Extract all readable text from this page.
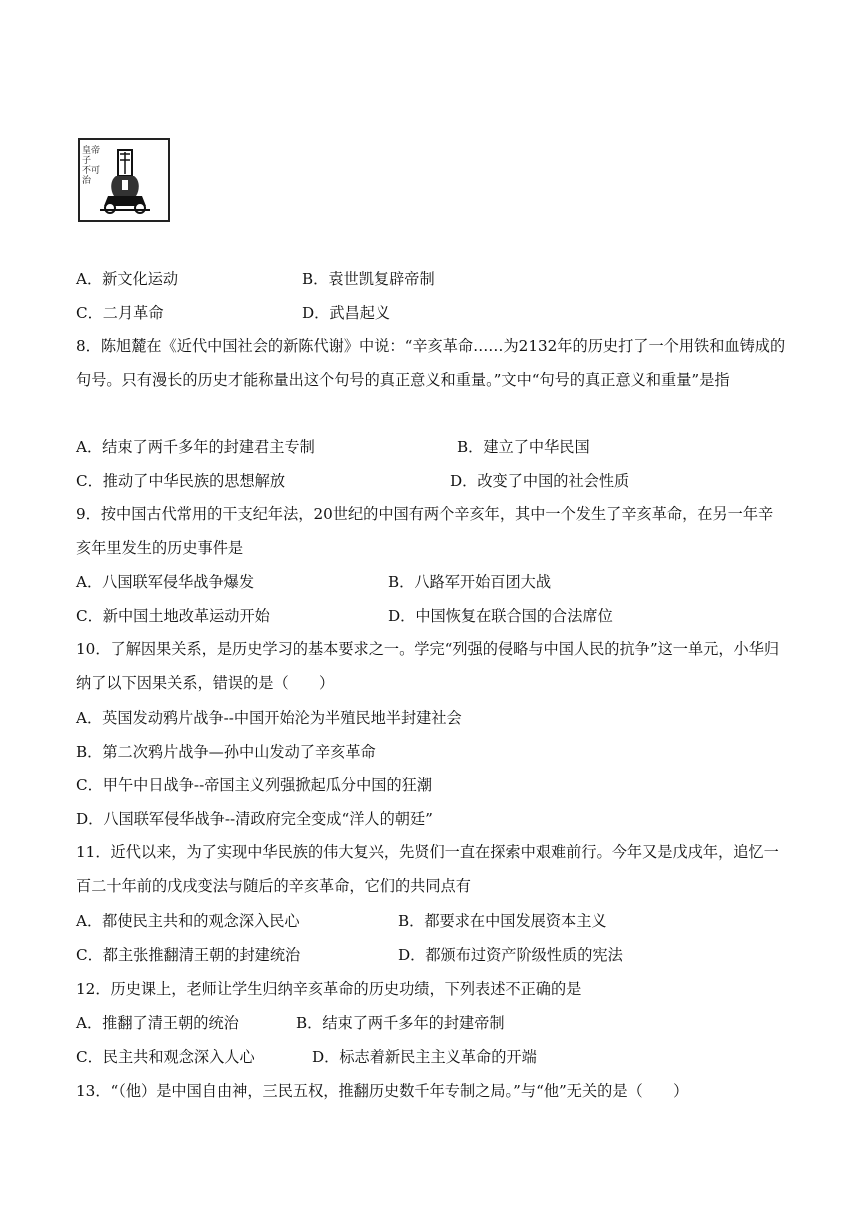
皇帝子 不可治
A．新文化运动	B．袁世凯复辟帝制
C．二月革命	D．武昌起义
8．陈旭麓在《近代中国社会的新陈代谢》中说：“辛亥革命……为2132年的历史打了一个用铁和血铸成的句号。只有漫长的历史才能称量出这个句号的真正意义和重量。”文中“句号的真正意义和重量”是指
A．结束了两千多年的封建君主专制	B．建立了中华民国
C．推动了中华民族的思想解放	D．改变了中国的社会性质
9．按中国古代常用的干支纪年法，20世纪的中国有两个辛亥年，其中一个发生了辛亥革命，在另一年辛亥年里发生的历史事件是
A．八国联军侵华战争爆发	B．八路军开始百团大战
C．新中国土地改革运动开始	D．中国恢复在联合国的合法席位
10．了解因果关系，是历史学习的基本要求之一。学完“列强的侵略与中国人民的抗争”这一单元，小华归纳了以下因果关系，错误的是（　　）
A．英国发动鸦片战争--中国开始沦为半殖民地半封建社会
B．第二次鸦片战争—孙中山发动了辛亥革命
C．甲午中日战争--帝国主义列强掀起瓜分中国的狂潮
D．八国联军侵华战争--清政府完全变成“洋人的朝廷”
11．近代以来，为了实现中华民族的伟大复兴，先贤们一直在探索中艰难前行。今年又是戊戌年，追忆一百二十年前的戊戌变法与随后的辛亥革命，它们的共同点有
A．都使民主共和的观念深入民心	B．都要求在中国发展资本主义
C．都主张推翻清王朝的封建统治	D．都颁布过资产阶级性质的宪法
12．历史课上，老师让学生归纳辛亥革命的历史功绩，下列表述不正确的是
A．推翻了清王朝的统治	B．结束了两千多年的封建帝制
C．民主共和观念深入人心	D．标志着新民主主义革命的开端
13．“（他）是中国自由神，三民五权，推翻历史数千年专制之局。”与“他”无关的是（　　）
